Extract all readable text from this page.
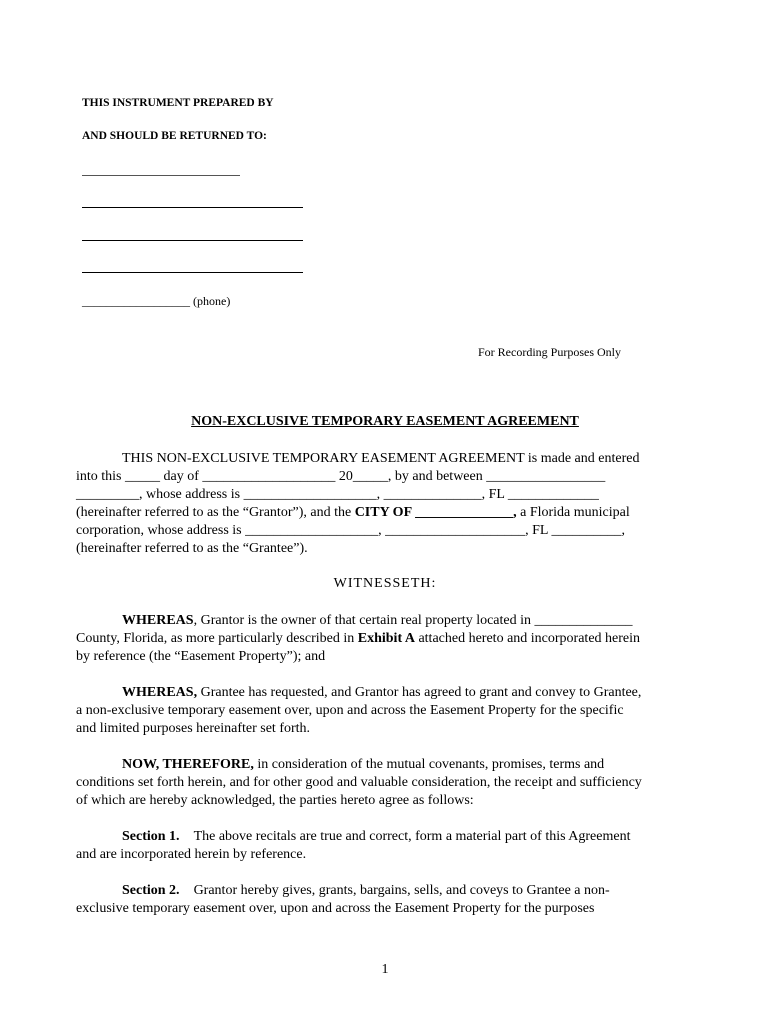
THIS INSTRUMENT PREPARED BY
AND SHOULD BE RETURNED TO:
__________________ (phone)
For Recording Purposes Only
NON-EXCLUSIVE TEMPORARY EASEMENT AGREEMENT
THIS NON-EXCLUSIVE TEMPORARY EASEMENT AGREEMENT is made and entered
into this _____ day of ___________________ 20_____, by and between _________________
_________, whose address is ___________________, ______________, FL _____________
(hereinafter referred to as the “Grantor”), and the CITY OF ______________, a Florida municipal
corporation, whose address is ___________________, ____________________, FL __________,
(hereinafter referred to as the “Grantee”).
WITNESSETH:
WHEREAS, Grantor is the owner of that certain real property located in ______________
County, Florida, as more particularly described in Exhibit A attached hereto and incorporated herein
by reference (the “Easement Property”); and
WHEREAS, Grantee has requested, and Grantor has agreed to grant and convey to Grantee,
a non-exclusive temporary easement over, upon and across the Easement Property for the specific
and limited purposes hereinafter set forth.
NOW, THEREFORE, in consideration of the mutual covenants, promises, terms and
conditions set forth herein, and for other good and valuable consideration, the receipt and sufficiency
of which are hereby acknowledged, the parties hereto agree as follows:
Section 1. The above recitals are true and correct, form a material part of this Agreement
and are incorporated herein by reference.
Section 2. Grantor hereby gives, grants, bargains, sells, and coveys to Grantee a non-
exclusive temporary easement over, upon and across the Easement Property for the purposes
1
